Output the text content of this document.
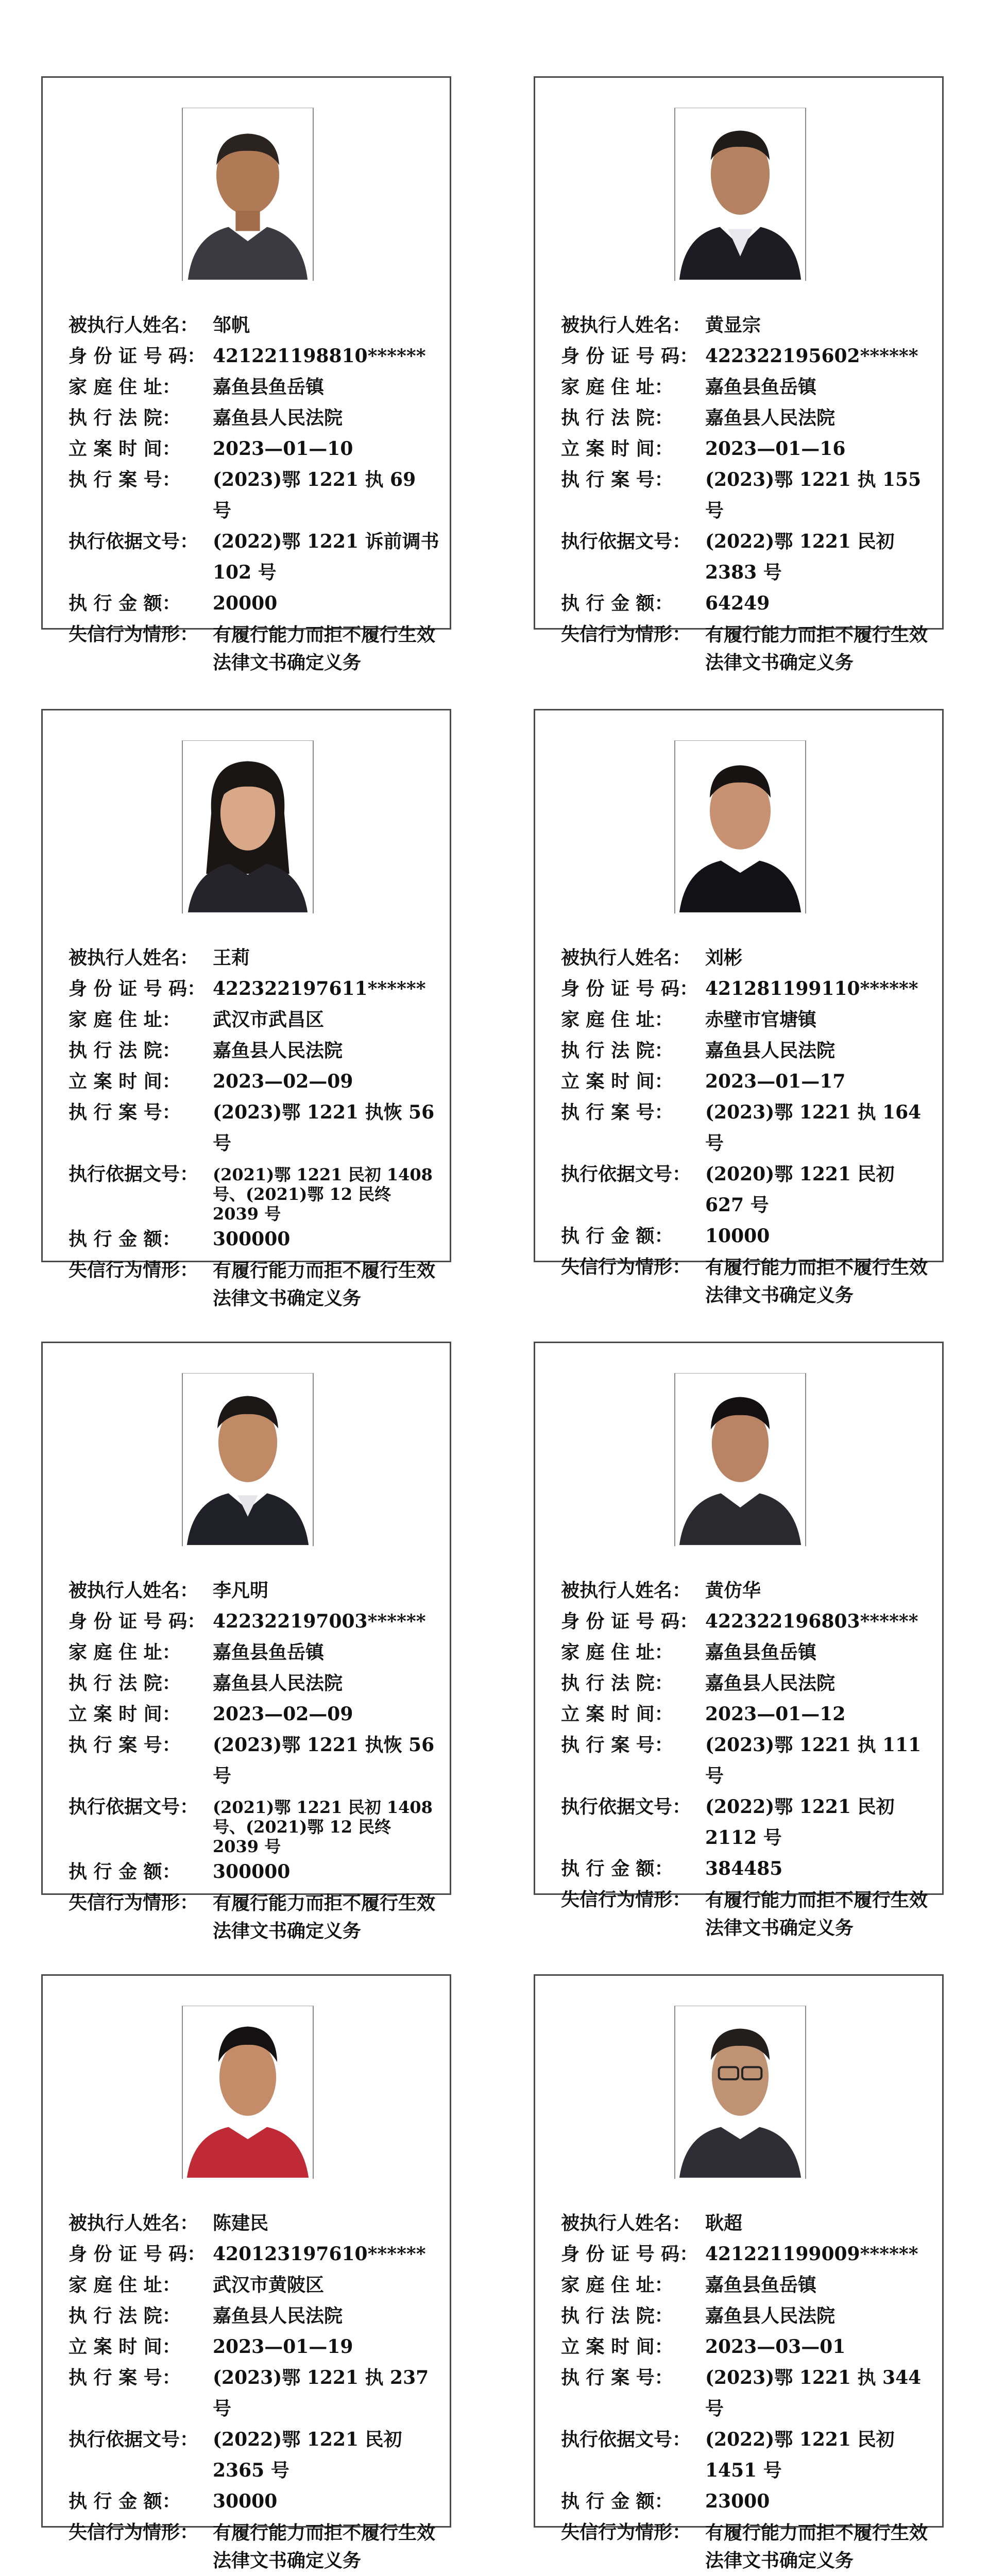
被执行人姓名： 邹帆
身 份 证 号 码： 421221198810******
家 庭 住 址：	嘉鱼县鱼岳镇
执 行 法 院：	嘉鱼县人民法院
立 案 时 间：	2023—01—10
执 行 案 号：	(2023)鄂 1221 执 69 号
执行依据文号： (2022)鄂 1221 诉前调书 102 号
执 行 金 额：	20000
失信行为情形： 有履行能力而拒不履行生效法律文书确定义务
被执行人姓名： 黄显宗
身 份 证 号 码： 422322195602******
家 庭 住 址：	嘉鱼县鱼岳镇
执 行 法 院：	嘉鱼县人民法院
立 案 时 间：	2023—01—16
执 行 案 号：	(2023)鄂 1221 执 155 号
执行依据文号： (2022)鄂 1221 民初 2383 号
执 行 金 额：	64249
失信行为情形： 有履行能力而拒不履行生效法律文书确定义务
被执行人姓名： 王莉
身 份 证 号 码： 422322197611******
家 庭 住 址：	武汉市武昌区
执 行 法 院：	嘉鱼县人民法院
立 案 时 间：	2023—02—09
执 行 案 号：	(2023)鄂 1221 执恢 56 号
执行依据文号： (2021)鄂 1221 民初 1408 号、(2021)鄂 12 民终 2039 号
执 行 金 额：	300000
失信行为情形： 有履行能力而拒不履行生效法律文书确定义务
被执行人姓名： 刘彬
身 份 证 号 码： 421281199110******
家 庭 住 址：	赤壁市官塘镇
执 行 法 院：	嘉鱼县人民法院
立 案 时 间：	2023—01—17
执 行 案 号：	(2023)鄂 1221 执 164 号
执行依据文号： (2020)鄂 1221 民初 627 号
执 行 金 额：	10000
失信行为情形： 有履行能力而拒不履行生效法律文书确定义务
被执行人姓名： 李凡明
身 份 证 号 码： 422322197003******
家 庭 住 址：	嘉鱼县鱼岳镇
执 行 法 院：	嘉鱼县人民法院
立 案 时 间：	2023—02—09
执 行 案 号：	(2023)鄂 1221 执恢 56 号
执行依据文号： (2021)鄂 1221 民初 1408 号、(2021)鄂 12 民终 2039 号
执 行 金 额：	300000
失信行为情形： 有履行能力而拒不履行生效法律文书确定义务
被执行人姓名： 黄仿华
身 份 证 号 码： 422322196803******
家 庭 住 址：	嘉鱼县鱼岳镇
执 行 法 院：	嘉鱼县人民法院
立 案 时 间：	2023—01—12
执 行 案 号：	(2023)鄂 1221 执 111 号
执行依据文号： (2022)鄂 1221 民初 2112 号
执 行 金 额：	384485
失信行为情形： 有履行能力而拒不履行生效法律文书确定义务
被执行人姓名： 陈建民
身 份 证 号 码： 420123197610******
家 庭 住 址：	武汉市黄陂区
执 行 法 院：	嘉鱼县人民法院
立 案 时 间：	2023—01—19
执 行 案 号：	(2023)鄂 1221 执 237 号
执行依据文号： (2022)鄂 1221 民初 2365 号
执 行 金 额：	30000
失信行为情形： 有履行能力而拒不履行生效法律文书确定义务
被执行人姓名： 耿超
身 份 证 号 码： 421221199009******
家 庭 住 址：	嘉鱼县鱼岳镇
执 行 法 院：	嘉鱼县人民法院
立 案 时 间：	2023—03—01
执 行 案 号：	(2023)鄂 1221 执 344 号
执行依据文号： (2022)鄂 1221 民初 1451 号
执 行 金 额：	23000
失信行为情形： 有履行能力而拒不履行生效法律文书确定义务
